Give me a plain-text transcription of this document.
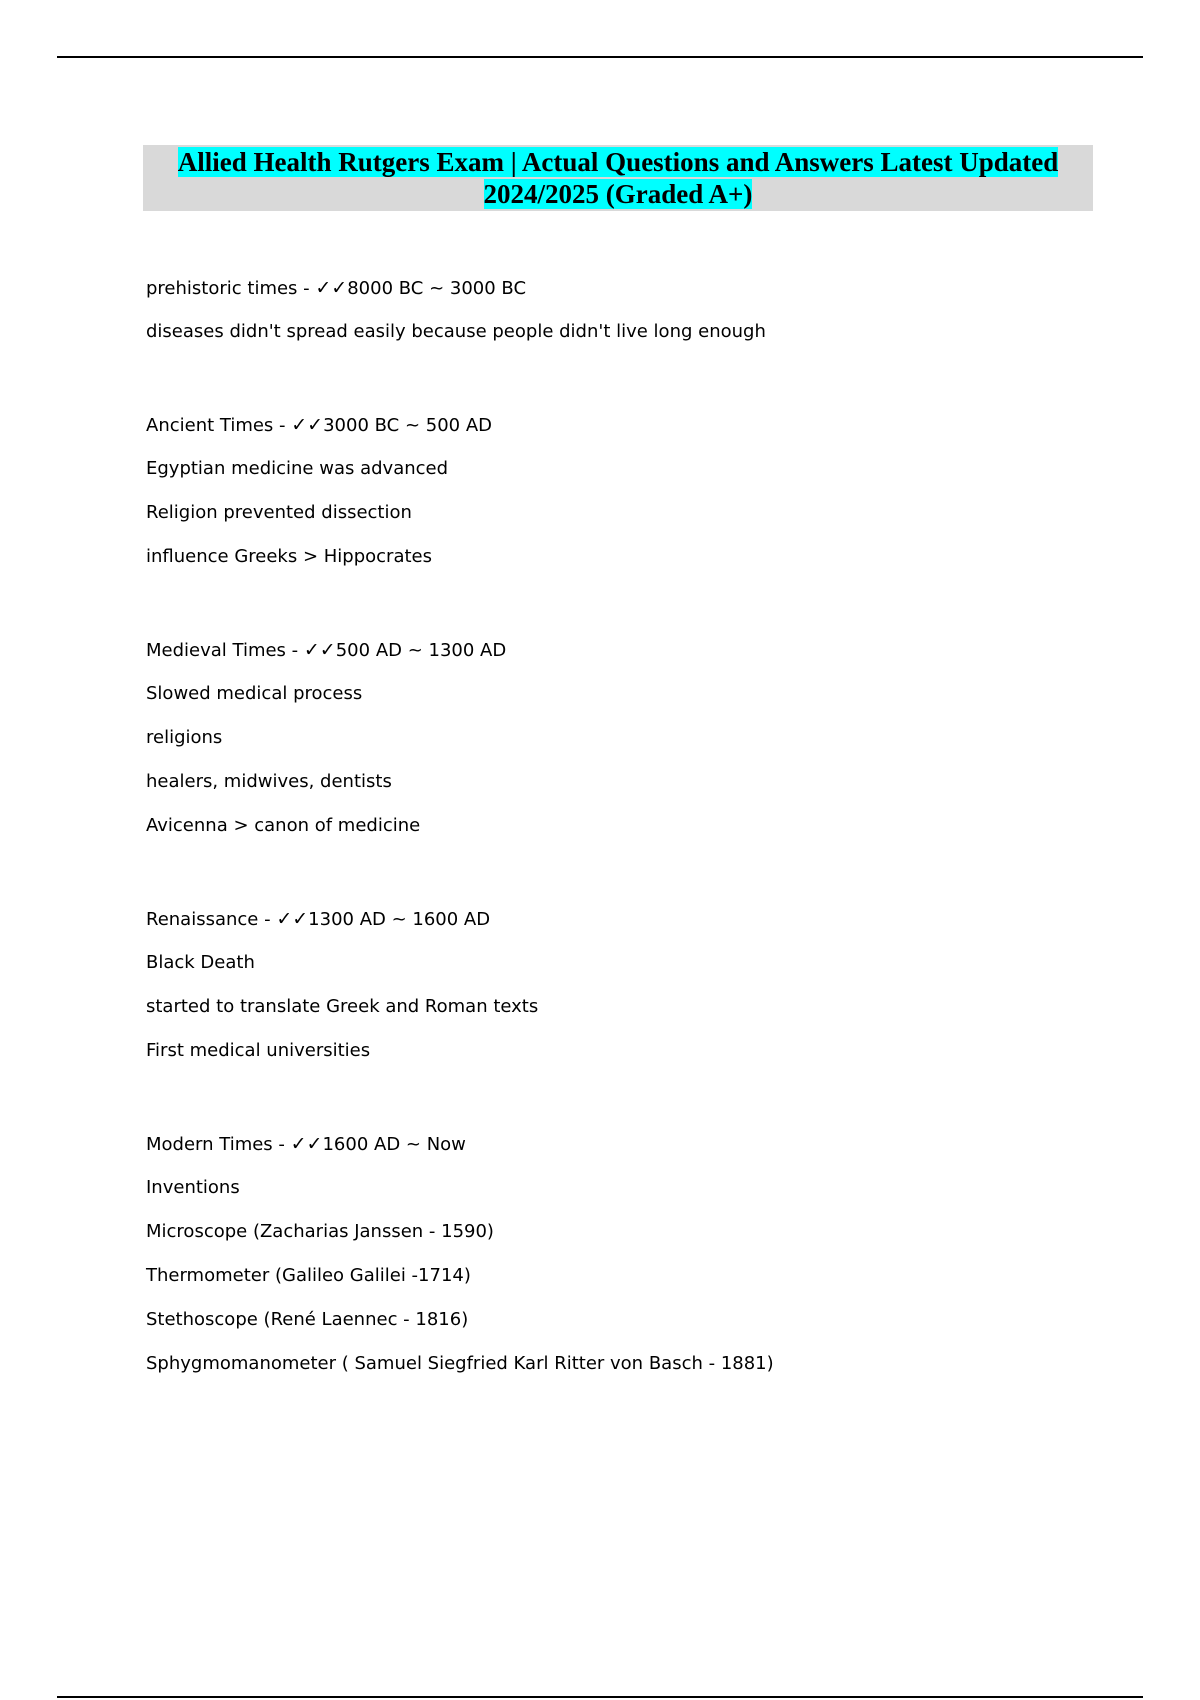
Allied Health Rutgers Exam | Actual Questions and Answers Latest Updated
2024/2025 (Graded A+)
prehistoric times - ✓✓8000 BC ~ 3000 BC
diseases didn't spread easily because people didn't live long enough
Ancient Times - ✓✓3000 BC ~ 500 AD
Egyptian medicine was advanced
Religion prevented dissection
influence Greeks > Hippocrates
Medieval Times - ✓✓500 AD ~ 1300 AD
Slowed medical process
religions
healers, midwives, dentists
Avicenna > canon of medicine
Renaissance - ✓✓1300 AD ~ 1600 AD
Black Death
started to translate Greek and Roman texts
First medical universities
Modern Times - ✓✓1600 AD ~ Now
Inventions
Microscope (Zacharias Janssen - 1590)
Thermometer (Galileo Galilei -1714)
Stethoscope (René Laennec - 1816)
Sphygmomanometer ( Samuel Siegfried Karl Ritter von Basch - 1881)
